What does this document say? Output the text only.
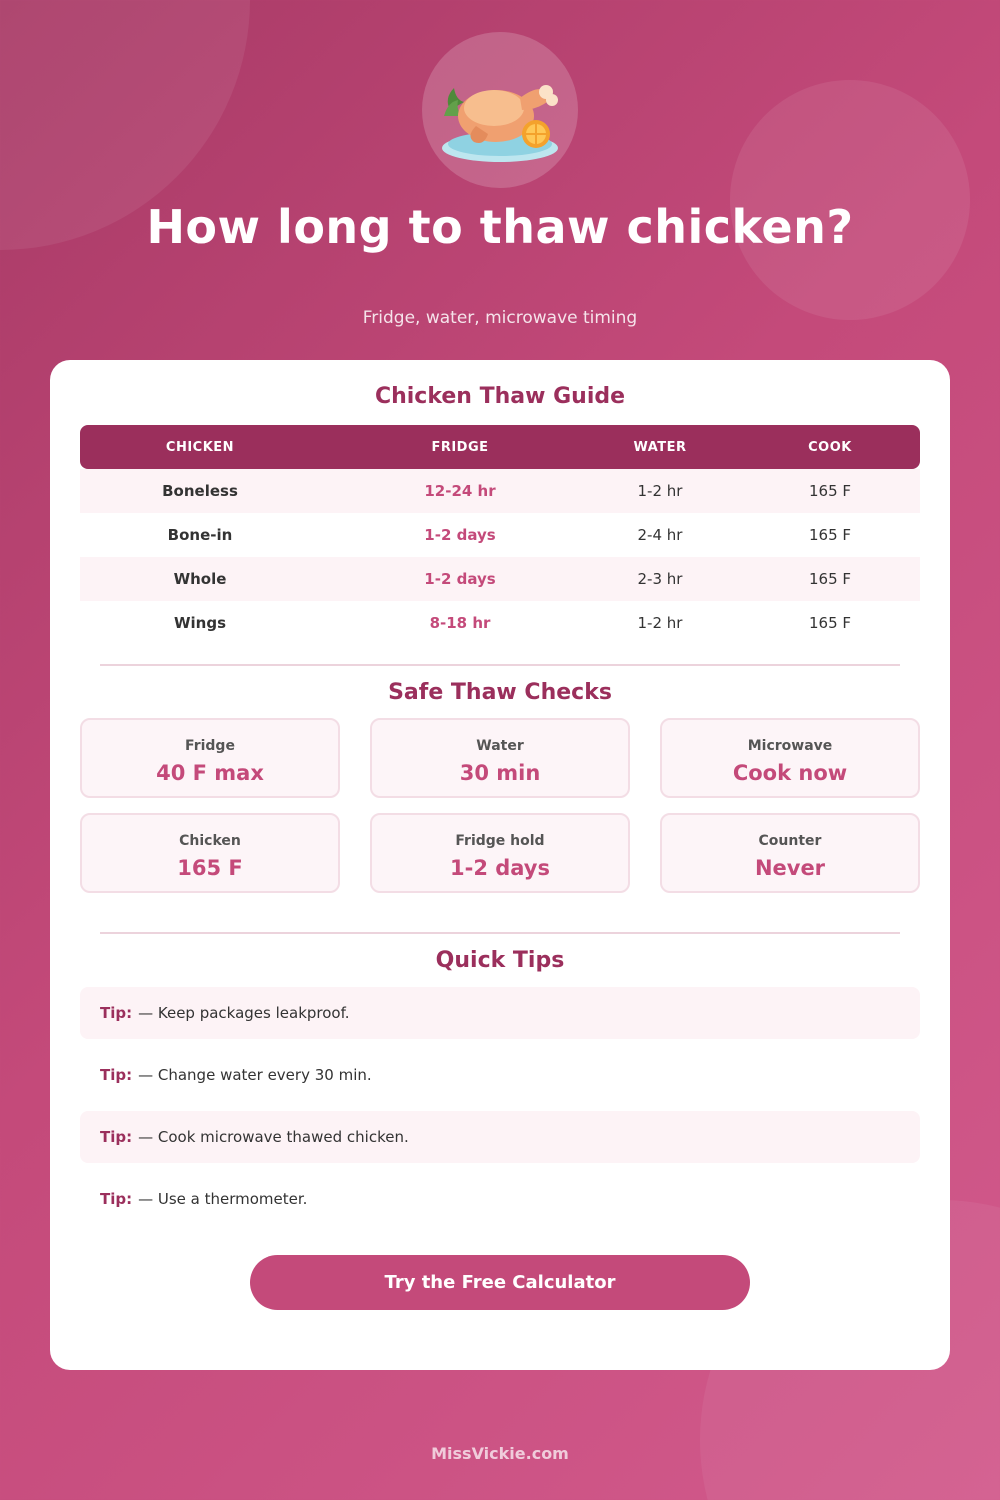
How long to thaw chicken?
Fridge, water, microwave timing
Chicken Thaw Guide
CHICKEN	FRIDGE	WATER	COOK
Boneless	12-24 hr	1-2 hr	165 F
Bone-in	1-2 days	2-4 hr	165 F
Whole	1-2 days	2-3 hr	165 F
Wings	8-18 hr	1-2 hr	165 F
Safe Thaw Checks
Fridge
40 F max
Water
30 min
Microwave
Cook now
Chicken
165 F
Fridge hold
1-2 days
Counter
Never
Quick Tips
Tip: — Keep packages leakproof.
Tip: — Change water every 30 min.
Tip: — Cook microwave thawed chicken.
Tip: — Use a thermometer.
Try the Free Calculator
MissVickie.com
